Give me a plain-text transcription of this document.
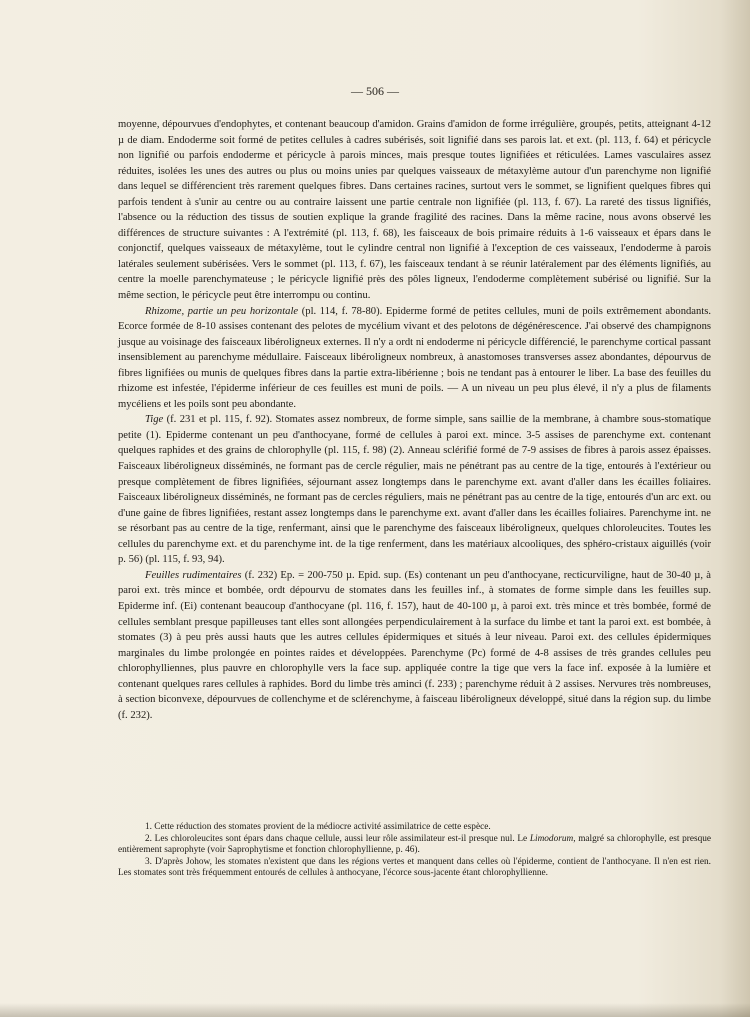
— 506 —

moyenne, dépourvues d'endophytes, et contenant beaucoup d'amidon. Grains d'amidon de forme irrégulière, groupés, petits, atteignant 4-12 µ de diam. Endoderme soit formé de petites cellules à cadres subérisés, soit lignifié dans ses parois lat. et ext. (pl. 113, f. 64) et péricycle non lignifié ou parfois endoderme et péricycle à parois minces, mais presque toutes lignifiées et réticulées. Lames vasculaires assez réduites, isolées les unes des autres ou plus ou moins unies par quelques vaisseaux de métaxylème autour d'un parenchyme non lignifié dans lequel se différencient très rarement quelques fibres. Dans certaines racines, surtout vers le sommet, se lignifient quelques fibres qui parfois tendent à s'unir au centre ou au contraire laissent une partie centrale non lignifiée (pl. 113, f. 67). La rareté des tissus lignifiés, l'absence ou la réduction des tissus de soutien explique la grande fragilité des racines. Dans la même racine, nous avons observé les différences de structure suivantes : A l'extrémité (pl. 113, f. 68), les faisceaux de bois primaire réduits à 1-6 vaisseaux et épars dans le conjonctif, quelques vaisseaux de métaxylème, tout le cylindre central non lignifié à l'exception de ces vaisseaux, l'endoderme à parois latérales seulement subérisées. Vers le sommet (pl. 113, f. 67), les faisceaux tendant à se réunir latéralement par des éléments lignifiés, au centre la moelle parenchymateuse ; le péricycle lignifié près des pôles ligneux, l'endoderme complètement subérisé ou lignifié. Sur la même section, le péricycle peut être interrompu ou continu.

Rhizome, partie un peu horizontale (pl. 114, f. 78-80). Epiderme formé de petites cellules, muni de poils extrêmement abondants. Ecorce formée de 8-10 assises contenant des pelotes de mycélium vivant et des pelotons de dégénérescence. J'ai observé des champignons jusque au voisinage des faisceaux libéroligneux externes. Il n'y a ordt ni endoderme ni péricycle différencié, le parenchyme cortical passant insensiblement au parenchyme médullaire. Faisceaux libéroligneux nombreux, à anastomoses transverses assez abondantes, dépourvus de fibres lignifiées ou munis de quelques fibres dans la partie extra-libérienne ; bois ne tendant pas à entourer le liber. La base des feuilles du rhizome est infestée, l'épiderme inférieur de ces feuilles est muni de poils. — A un niveau un peu plus élevé, il n'y a plus de filaments mycéliens et les poils sont peu abondante.

Tige (f. 231 et pl. 115, f. 92). Stomates assez nombreux, de forme simple, sans saillie de la membrane, à chambre sous-stomatique petite (1). Epiderme contenant un peu d'anthocyane, formé de cellules à paroi ext. mince. 3-5 assises de parenchyme ext. contenant quelques raphides et des grains de chlorophylle (pl. 115, f. 98) (2). Anneau sclérifié formé de 7-9 assises de fibres à parois assez épaisses. Faisceaux libéroligneux disséminés, ne formant pas de cercle régulier, mais ne pénétrant pas au centre de la tige, entourés à l'extérieur ou presque complètement de fibres lignifiées, séjournant assez longtemps dans le parenchyme ext. avant d'aller dans les écailles foliaires. Faisceaux libéroligneux disséminés, ne formant pas de cercles réguliers, mais ne pénétrant pas au centre de la tige, entourés d'un arc ext. ou d'une gaine de fibres lignifiées, restant assez longtemps dans le parenchyme ext. avant d'aller dans les écailles foliaires. Parenchyme int. ne se résorbant pas au centre de la tige, renfermant, ainsi que le parenchyme des faisceaux libéroligneux, quelques chloroleucites. Toutes les cellules du parenchyme ext. et du parenchyme int. de la tige renferment, dans les matériaux alcooliques, des sphéro-cristaux aiguillés (voir p. 56) (pl. 115, f. 93, 94).

Feuilles rudimentaires (f. 232) Ep. = 200-750 µ. Epid. sup. (Es) contenant un peu d'anthocyane, recticurviligne, haut de 30-40 µ, à paroi ext. très mince et bombée, ordt dépourvu de stomates dans les feuilles inf., à stomates de forme simple dans les feuilles sup. Epiderme inf. (Ei) contenant beaucoup d'anthocyane (pl. 116, f. 157), haut de 40-100 µ, à paroi ext. très mince et très bombée, formé de cellules semblant presque papilleuses tant elles sont allongées perpendiculairement à la surface du limbe et tant la paroi ext. est bombée, à stomates (3) à peu près aussi hauts que les autres cellules épidermiques et situés à leur niveau. Paroi ext. des cellules épidermiques marginales du limbe prolongée en pointes raides et développées. Parenchyme (Pc) formé de 4-8 assises de très grandes cellules peu chlorophylliennes, plus pauvre en chlorophylle vers la face sup. appliquée contre la tige que vers la face inf. exposée à la lumière et contenant quelques rares cellules à raphides. Bord du limbe très aminci (f. 233) ; parenchyme réduit à 2 assises. Nervures très nombreuses, à section biconvexe, dépourvues de collenchyme et de sclérenchyme, à faisceau libéroligneux développé, situé dans la région sup. du limbe (f. 232).

1. Cette réduction des stomates provient de la médiocre activité assimilatrice de cette espèce.

2. Les chloroleucites sont épars dans chaque cellule, aussi leur rôle assimilateur est-il presque nul. Le Limodorum, malgré sa chlorophylle, est presque entièrement saprophyte (voir Saprophytisme et fonction chlorophyllienne, p. 46).

3. D'après Johow, les stomates n'existent que dans les régions vertes et manquent dans celles où l'épiderme, contient de l'anthocyane. Il n'en est rien. Les stomates sont très fréquemment entourés de cellules à anthocyane, l'écorce sous-jacente étant chlorophyllienne.
